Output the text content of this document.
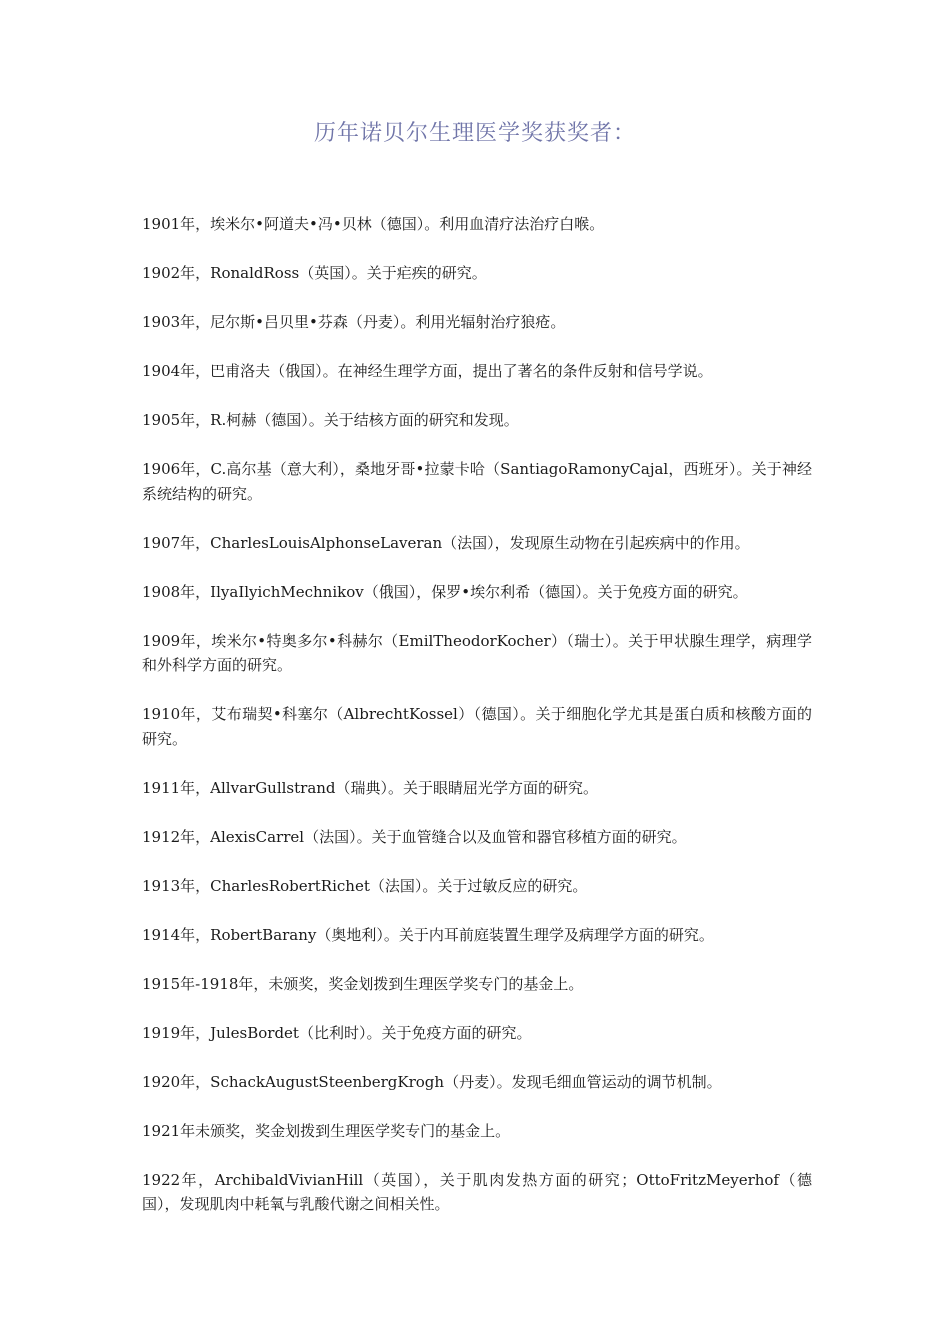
历年诺贝尔生理医学奖获奖者：

1901年，埃米尔•阿道夫•冯•贝林（德国）。利用血清疗法治疗白喉。

1902年，RonaldRoss（英国）。关于疟疾的研究。

1903年，尼尔斯•吕贝里•芬森（丹麦）。利用光辐射治疗狼疮。

1904年，巴甫洛夫（俄国）。在神经生理学方面，提出了著名的条件反射和信号学说。

1905年，R.柯赫（德国）。关于结核方面的研究和发现。

1906年，C.高尔基（意大利），桑地牙哥•拉蒙卡哈（SantiagoRamonyCajal，西班牙）。关于神经系统结构的研究。

1907年，CharlesLouisAlphonseLaveran（法国），发现原生动物在引起疾病中的作用。

1908年，IlyaIlyichMechnikov（俄国），保罗•埃尔利希（德国）。关于免疫方面的研究。

1909年，埃米尔•特奥多尔•科赫尔（EmilTheodorKocher）（瑞士）。关于甲状腺生理学，病理学和外科学方面的研究。

1910年，艾布瑞契•科塞尔（AlbrechtKossel）（德国）。关于细胞化学尤其是蛋白质和核酸方面的研究。

1911年，AllvarGullstrand（瑞典）。关于眼睛屈光学方面的研究。

1912年，AlexisCarrel（法国）。关于血管缝合以及血管和器官移植方面的研究。

1913年，CharlesRobertRichet（法国）。关于过敏反应的研究。

1914年，RobertBarany（奥地利）。关于内耳前庭装置生理学及病理学方面的研究。

1915年-1918年，未颁奖，奖金划拨到生理医学奖专门的基金上。

1919年，JulesBordet（比利时）。关于免疫方面的研究。

1920年，SchackAugustSteenbergKrogh（丹麦）。发现毛细血管运动的调节机制。

1921年未颁奖，奖金划拨到生理医学奖专门的基金上。

1922年，ArchibaldVivianHill（英国），关于肌肉发热方面的研究；OttoFritzMeyerhof（德国），发现肌肉中耗氧与乳酸代谢之间相关性。
